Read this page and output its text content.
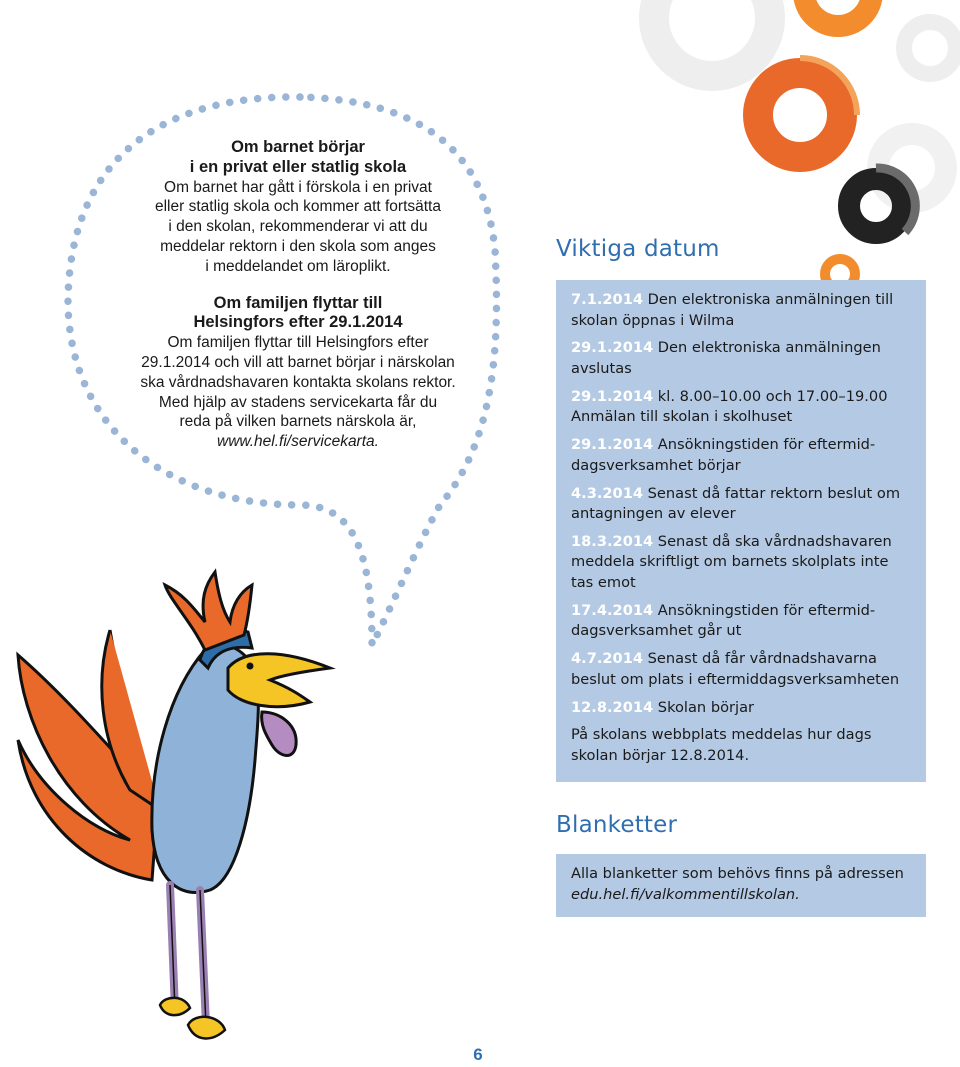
Om barnet börjar
i en privat eller statlig skola
Om barnet har gått i förskola i en privat
eller statlig skola och kommer att fortsätta
i den skolan, rekommenderar vi att du
meddelar rektorn i den skola som anges
i meddelandet om läroplikt.
Om familjen flyttar till
Helsingfors efter 29.1.2014
Om familjen flyttar till Helsingfors efter
29.1.2014 och vill att barnet börjar i närskolan
ska vårdnadshavaren kontakta skolans rektor.
Med hjälp av stadens servicekarta får du
reda på vilken barnets närskola är,
www.hel.fi/servicekarta.
Viktiga datum
7.1.2014 Den elektroniska anmälningen till skolan öppnas i Wilma
29.1.2014 Den elektroniska anmälningen avslutas
29.1.2014 kl. 8.00–10.00 och 17.00–19.00 Anmälan till skolan i skolhuset
29.1.2014 Ansökningstiden för eftermiddagsverksamhet börjar
4.3.2014 Senast då fattar rektorn beslut om antagningen av elever
18.3.2014 Senast då ska vårdnadshavaren meddela skriftligt om barnets skolplats inte tas emot
17.4.2014 Ansökningstiden för eftermiddagsverksamhet går ut
4.7.2014 Senast då får vårdnadshavarna beslut om plats i eftermiddagsverksamheten
12.8.2014 Skolan börjar

På skolans webbplats meddelas hur dags skolan börjar 12.8.2014.

Blanketter

Alla blanketter som behövs finns på adressen edu.hel.fi/valkommentillskolan.

6
